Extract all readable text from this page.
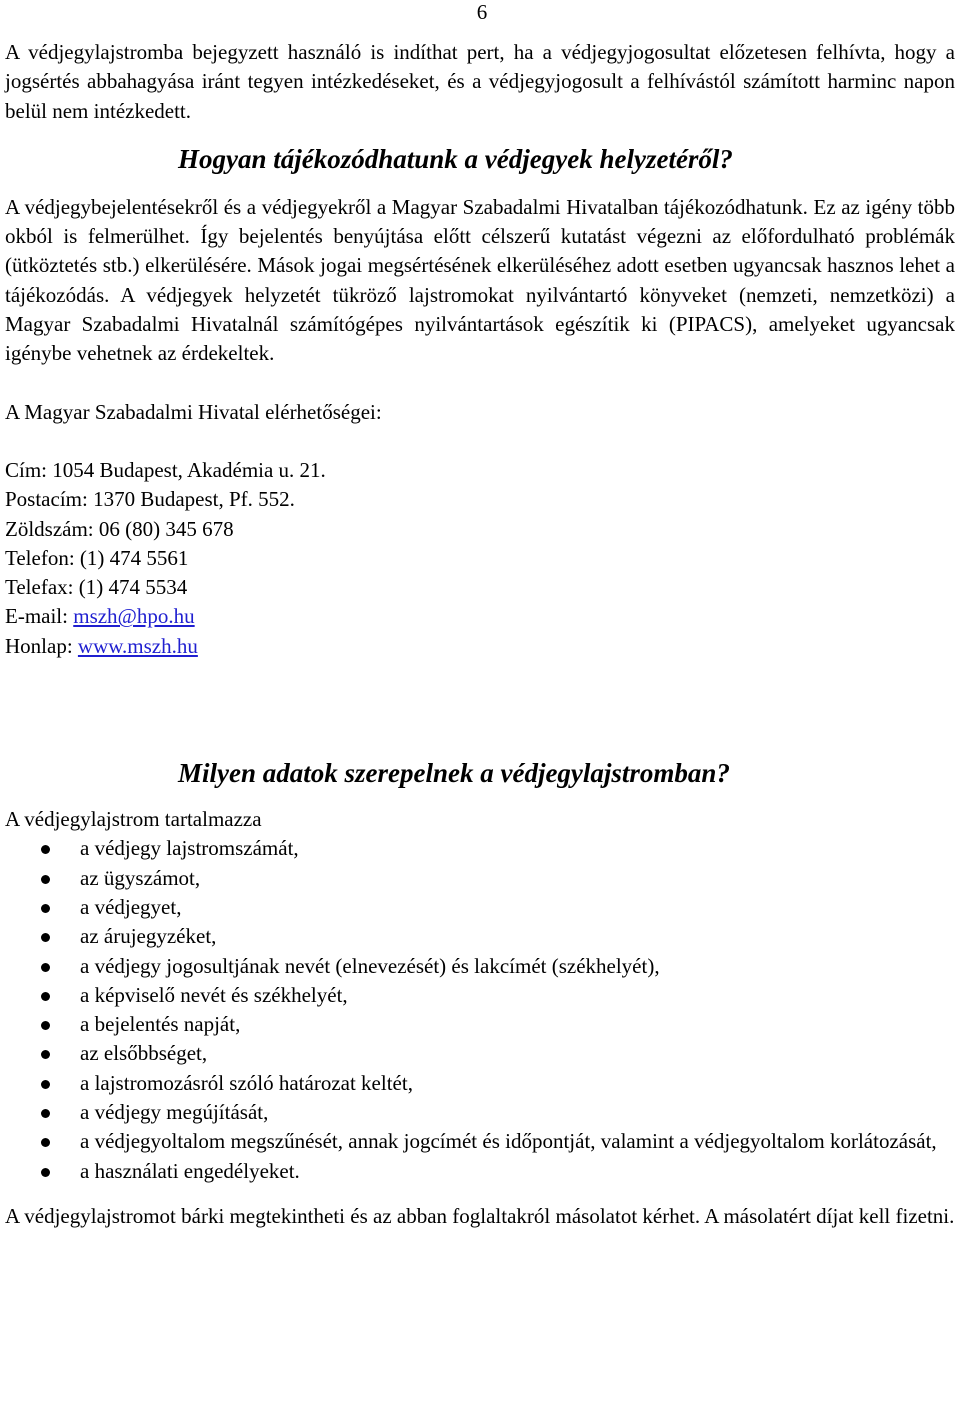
6

A védjegylajstromba bejegyzett használó is indíthat pert, ha a védjegyjogosultat előzetesen felhívta, hogy a jogsértés abbahagyása iránt tegyen intézkedéseket, és a védjegyjogosult a felhívástól számított harminc napon belül nem intézkedett.

Hogyan tájékozódhatunk a védjegyek helyzetéről?

A védjegybejelentésekről és a védjegyekről a Magyar Szabadalmi Hivatalban tájékozódhatunk. Ez az igény több okból is felmerülhet. Így bejelentés benyújtása előtt célszerű kutatást végezni az előfordulható problémák (ütköztetés stb.) elkerülésére. Mások jogai megsértésének elkerüléséhez adott esetben ugyancsak hasznos lehet a tájékozódás. A védjegyek helyzetét tükröző lajstromokat nyilvántartó könyveket (nemzeti, nemzetközi) a Magyar Szabadalmi Hivatalnál számítógépes nyilvántartások egészítik ki (PIPACS), amelyeket ugyancsak igénybe vehetnek az érdekeltek.

A Magyar Szabadalmi Hivatal elérhetőségei:

Cím: 1054 Budapest, Akadémia u. 21.
Postacím: 1370 Budapest, Pf. 552.
Zöldszám: 06 (80) 345 678
Telefon: (1) 474 5561
Telefax: (1) 474 5534
E-mail: mszh@hpo.hu
Honlap: www.mszh.hu
Milyen adatok szerepelnek a védjegylajstromban?

A védjegylajstrom tartalmazza

a védjegy lajstromszámát,
az ügyszámot,
a védjegyet,
az árujegyzéket,
a védjegy jogosultjának nevét (elnevezését) és lakcímét (székhelyét),
a képviselő nevét és székhelyét,
a bejelentés napját,
az elsőbbséget,
a lajstromozásról szóló határozat keltét,
a védjegy megújítását,
a védjegyoltalom megszűnését, annak jogcímét és időpontját, valamint a védjegyoltalom korlátozását,
a használati engedélyeket.

A védjegylajstromot bárki megtekintheti és az abban foglaltakról másolatot kérhet. A másolatért díjat kell fizetni.
